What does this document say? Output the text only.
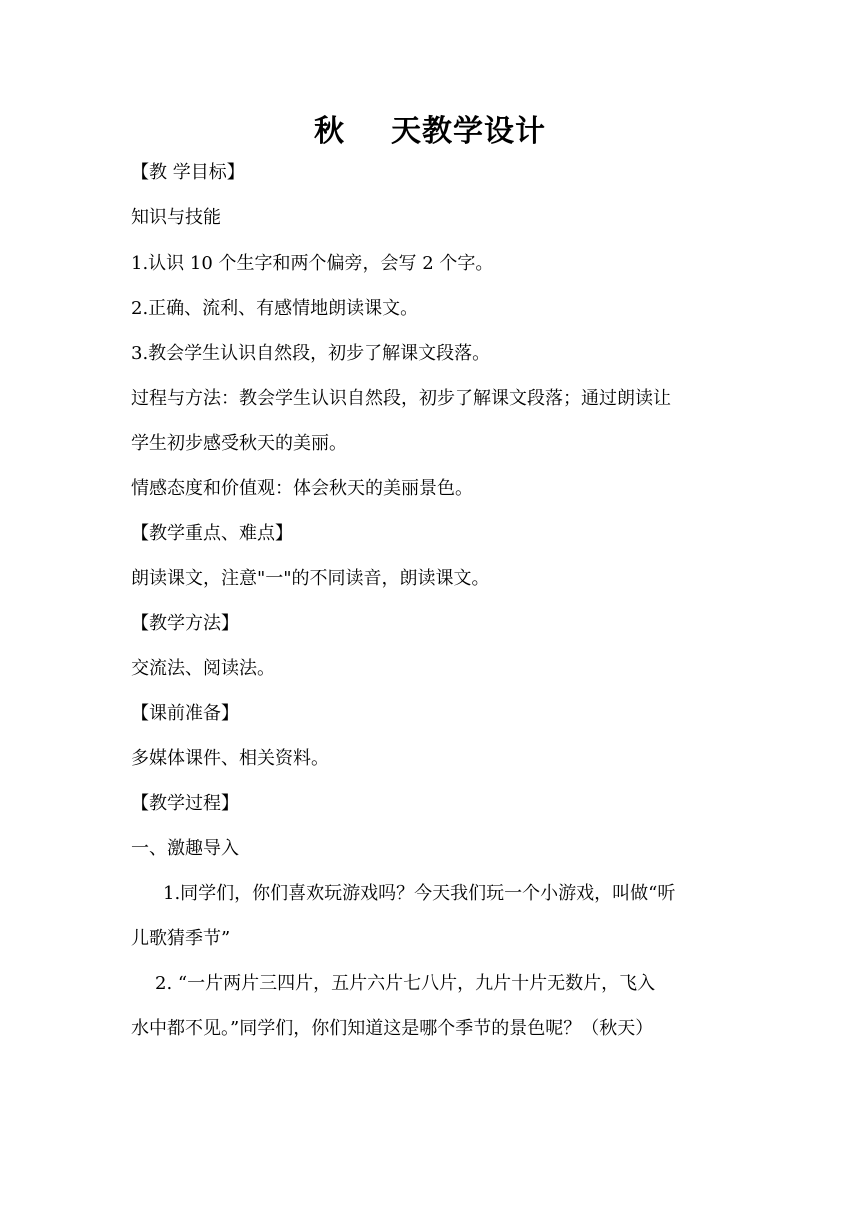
秋 天教学设计
【教 学目标】
知识与技能
1.认识 10 个生字和两个偏旁，会写 2 个字。
2.正确、流利、有感情地朗读课文。
3.教会学生认识自然段，初步了解课文段落。
过程与方法：教会学生认识自然段，初步了解课文段落；通过朗读让
学生初步感受秋天的美丽。
情感态度和价值观：体会秋天的美丽景色。
【教学重点、难点】
朗读课文，注意"一"的不同读音，朗读课文。
【教学方法】
交流法、阅读法。
【课前准备】
多媒体课件、相关资料。
【教学过程】
一、激趣导入
1.同学们，你们喜欢玩游戏吗？今天我们玩一个小游戏，叫做“听
儿歌猜季节”
2. “一片两片三四片，五片六片七八片，九片十片无数片，飞入
水中都不见。”同学们，你们知道这是哪个季节的景色呢？（秋天）
